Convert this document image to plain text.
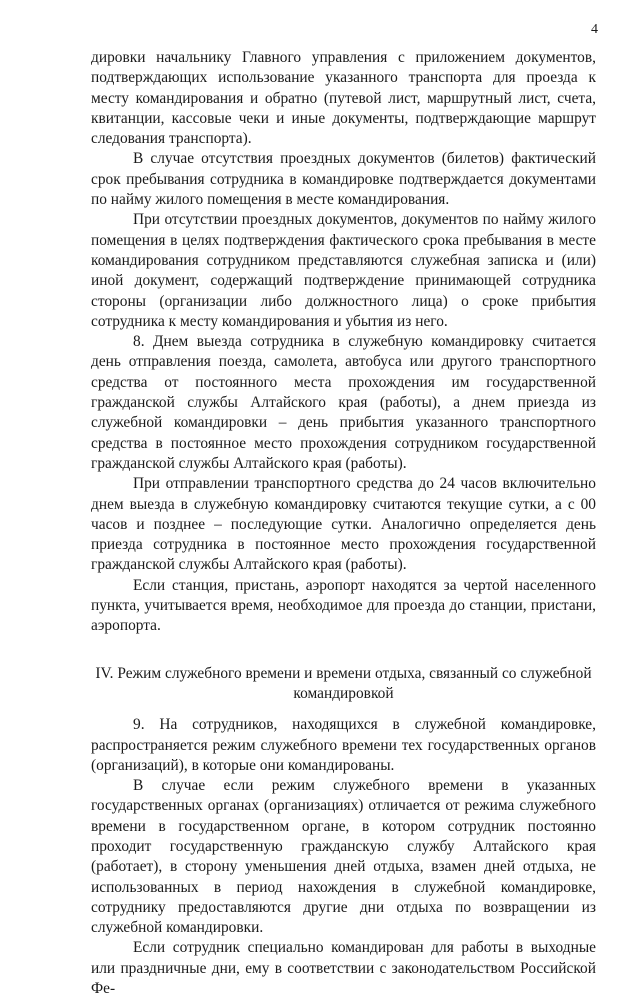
4

дировки начальнику Главного управления с приложением документов, подтверждающих использование указанного транспорта для проезда к месту командирования и обратно (путевой лист, маршрутный лист, счета, квитанции, кассовые чеки и иные документы, подтверждающие маршрут следования транспорта).

В случае отсутствия проездных документов (билетов) фактический срок пребывания сотрудника в командировке подтверждается документами по найму жилого помещения в месте командирования.

При отсутствии проездных документов, документов по найму жилого помещения в целях подтверждения фактического срока пребывания в месте командирования сотрудником представляются служебная записка и (или) иной документ, содержащий подтверждение принимающей сотрудника стороны (организации либо должностного лица) о сроке прибытия сотрудника к месту командирования и убытия из него.

8. Днем выезда сотрудника в служебную командировку считается день отправления поезда, самолета, автобуса или другого транспортного средства от постоянного места прохождения им государственной гражданской службы Алтайского края (работы), а днем приезда из служебной командировки – день прибытия указанного транспортного средства в постоянное место прохождения сотрудником государственной гражданской службы Алтайского края (работы).

При отправлении транспортного средства до 24 часов включительно днем выезда в служебную командировку считаются текущие сутки, а с 00 часов и позднее – последующие сутки. Аналогично определяется день приезда сотрудника в постоянное место прохождения государственной гражданской службы Алтайского края (работы).

Если станция, пристань, аэропорт находятся за чертой населенного пункта, учитывается время, необходимое для проезда до станции, пристани, аэропорта.

IV. Режим служебного времени и времени отдыха, связанный со служебной
командировкой

9. На сотрудников, находящихся в служебной командировке, распространяется режим служебного времени тех государственных органов (организаций), в которые они командированы.

В случае если режим служебного времени в указанных государственных органах (организациях) отличается от режима служебного времени в государственном органе, в котором сотрудник постоянно проходит государственную гражданскую службу Алтайского края (работает), в сторону уменьшения дней отдыха, взамен дней отдыха, не использованных в период нахождения в служебной командировке, сотруднику предоставляются другие дни отдыха по возвращении из служебной командировки.

Если сотрудник специально командирован для работы в выходные или праздничные дни, ему в соответствии с законодательством Российской Фе-
